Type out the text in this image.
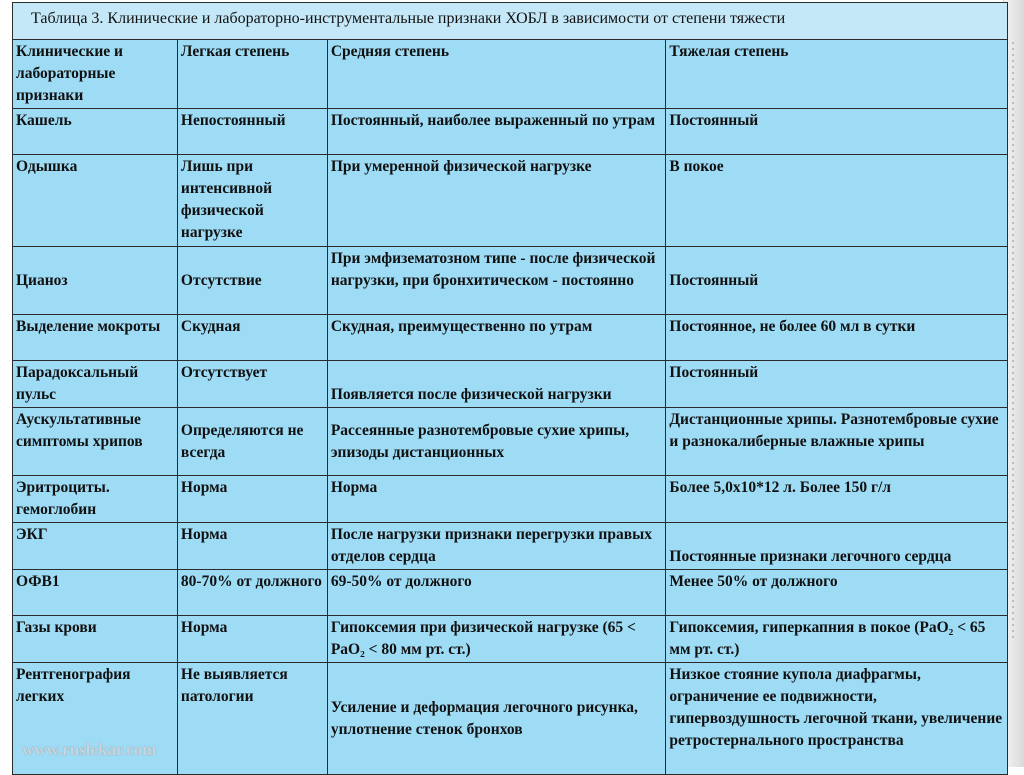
Таблица 3. Клинические и лабораторно-инструментальные признаки ХОБЛ в зависимости от степени тяжести			
Клинические и лабораторные признаки	Легкая степень	Средняя степень	Тяжелая степень
Кашель	Непостоянный	Постоянный, наиболее выраженный по утрам	Постоянный
Одышка	Лишь при интенсивной физической нагрузке	При умеренной физической нагрузке	В покое
Цианоз	Отсутствие	При эмфизематозном типе - после физической нагрузки, при бронхитическом - постоянно	Постоянный
Выделение мокроты	Скудная	Скудная, преимущественно по утрам	Постоянное, не более 60 мл в сутки
Парадоксальный пульс	Отсутствует	Появляется после физической нагрузки	Постоянный
Аускультативные симптомы хрипов	Определяются не всегда	Рассеянные разнотембровые сухие хрипы, эпизоды дистанционных	Дистанционные хрипы. Разнотембровые сухие и разнокалиберные влажные хрипы
Эритроциты. гемоглобин	Норма	Норма	Более 5,0x10*12 л. Более 150 г/л
ЭКГ	Норма	После нагрузки признаки перегрузки правых отделов сердца	Постоянные признаки легочного сердца
ОФВ1	80-70% от должного	69-50% от должного	Менее 50% от должного
Газы крови	Норма	Гипоксемия при физической нагрузке (65 < PaO₂ < 80 мм рт. ст.)	Гипоксемия, гиперкапния в покое (PaO₂ < 65 мм рт. ст.)
Рентгенография легких	Не выявляется патологии	Усиление и деформация легочного рисунка, уплотнение стенок бронхов	Низкое стояние купола диафрагмы, ограничение ее подвижности, гипервоздушность легочной ткани, увеличение ретростернального пространства
www.ruslekar.com
